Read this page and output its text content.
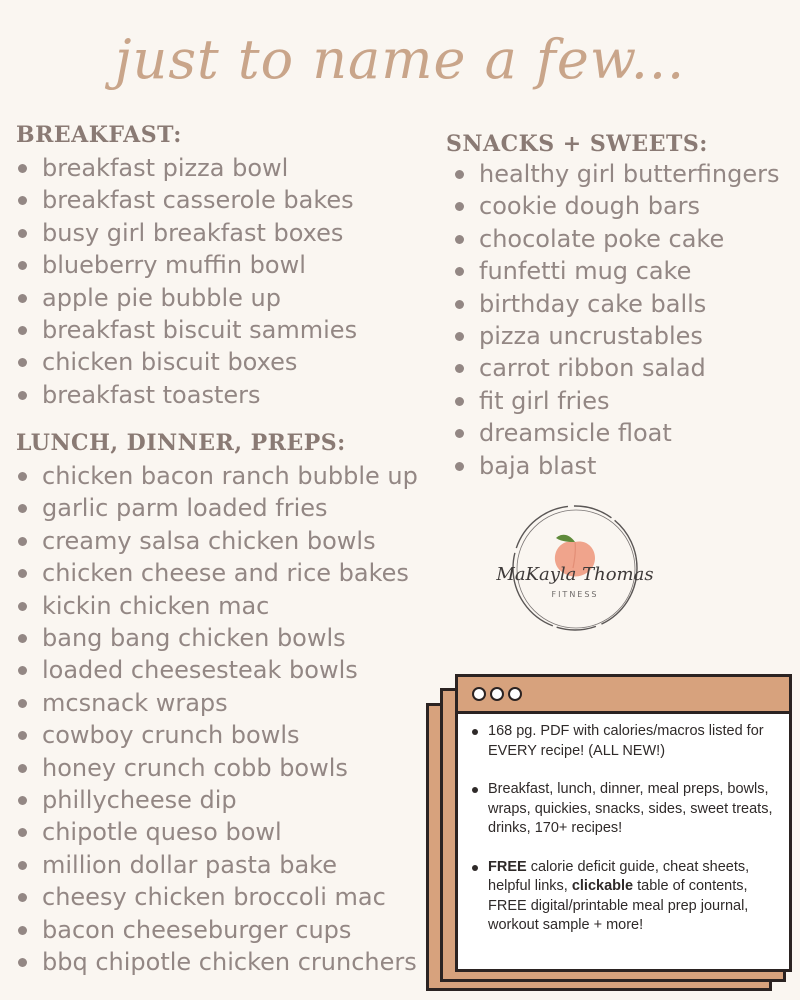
just to name a few...
BREAKFAST:
breakfast pizza bowl
breakfast casserole bakes
busy girl breakfast boxes
blueberry muffin bowl
apple pie bubble up
breakfast biscuit sammies
chicken biscuit boxes
breakfast toasters
LUNCH, DINNER, PREPS:
chicken bacon ranch bubble up
garlic parm loaded fries
creamy salsa chicken bowls
chicken cheese and rice bakes
kickin chicken mac
bang bang chicken bowls
loaded cheesesteak bowls
mcsnack wraps
cowboy crunch bowls
honey crunch cobb bowls
phillycheese dip
chipotle queso bowl
million dollar pasta bake
cheesy chicken broccoli mac
bacon cheeseburger cups
bbq chipotle chicken crunchers
SNACKS + SWEETS:
healthy girl butterfingers
cookie dough bars
chocolate poke cake
funfetti mug cake
birthday cake balls
pizza uncrustables
carrot ribbon salad
fit girl fries
dreamsicle float
baja blast
MaKayla Thomas
FITNESS
168 pg. PDF with calories/macros listed for EVERY recipe! (ALL NEW!)
Breakfast, lunch, dinner, meal preps, bowls, wraps, quickies, snacks, sides, sweet treats, drinks, 170+ recipes!
FREE calorie deficit guide, cheat sheets, helpful links, clickable table of contents, FREE digital/printable meal prep journal, workout sample + more!
